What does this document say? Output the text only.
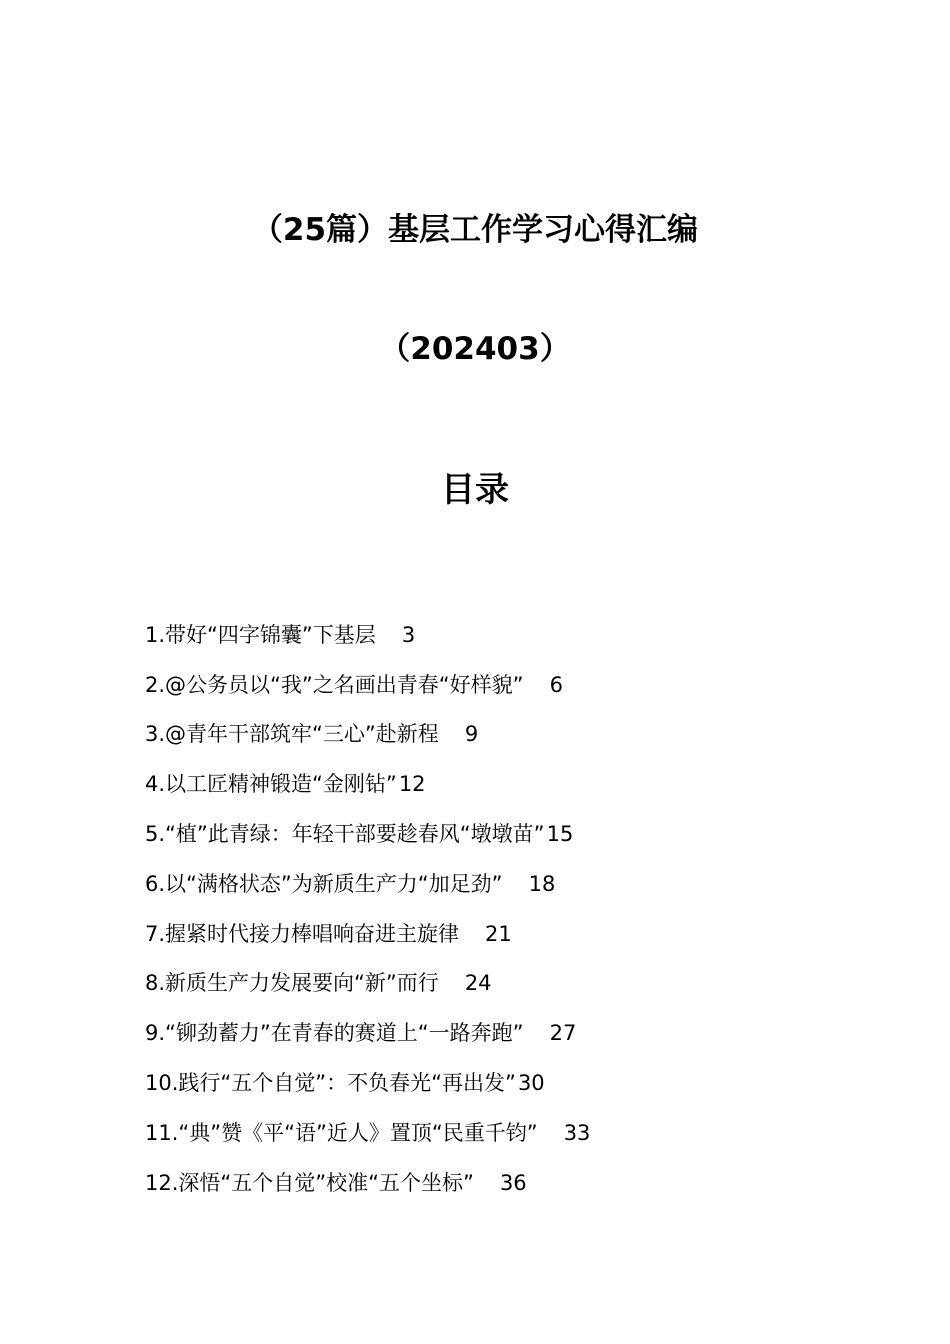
（25篇）基层工作学习心得汇编
（202403）
目录
1. 带好“四字锦囊”下基层 3
2. @公务员以“我”之名画出青春“好样貌” 6
3. @青年干部筑牢“三心”赴新程 9
4. 以工匠精神锻造“金刚钻” 12
5. “植”此青绿：年轻干部要趁春风“墩墩苗” 15
6. 以“满格状态”为新质生产力“加足劲” 18
7. 握紧时代接力棒唱响奋进主旋律 21
8. 新质生产力发展要向“新”而行 24
9. “铆劲蓄力”在青春的赛道上“一路奔跑” 27
10. 践行“五个自觉”：不负春光“再出发” 30
11. “典”赞《平“语”近人》置顶“民重千钧” 33
12. 深悟“五个自觉”校准“五个坐标” 36
